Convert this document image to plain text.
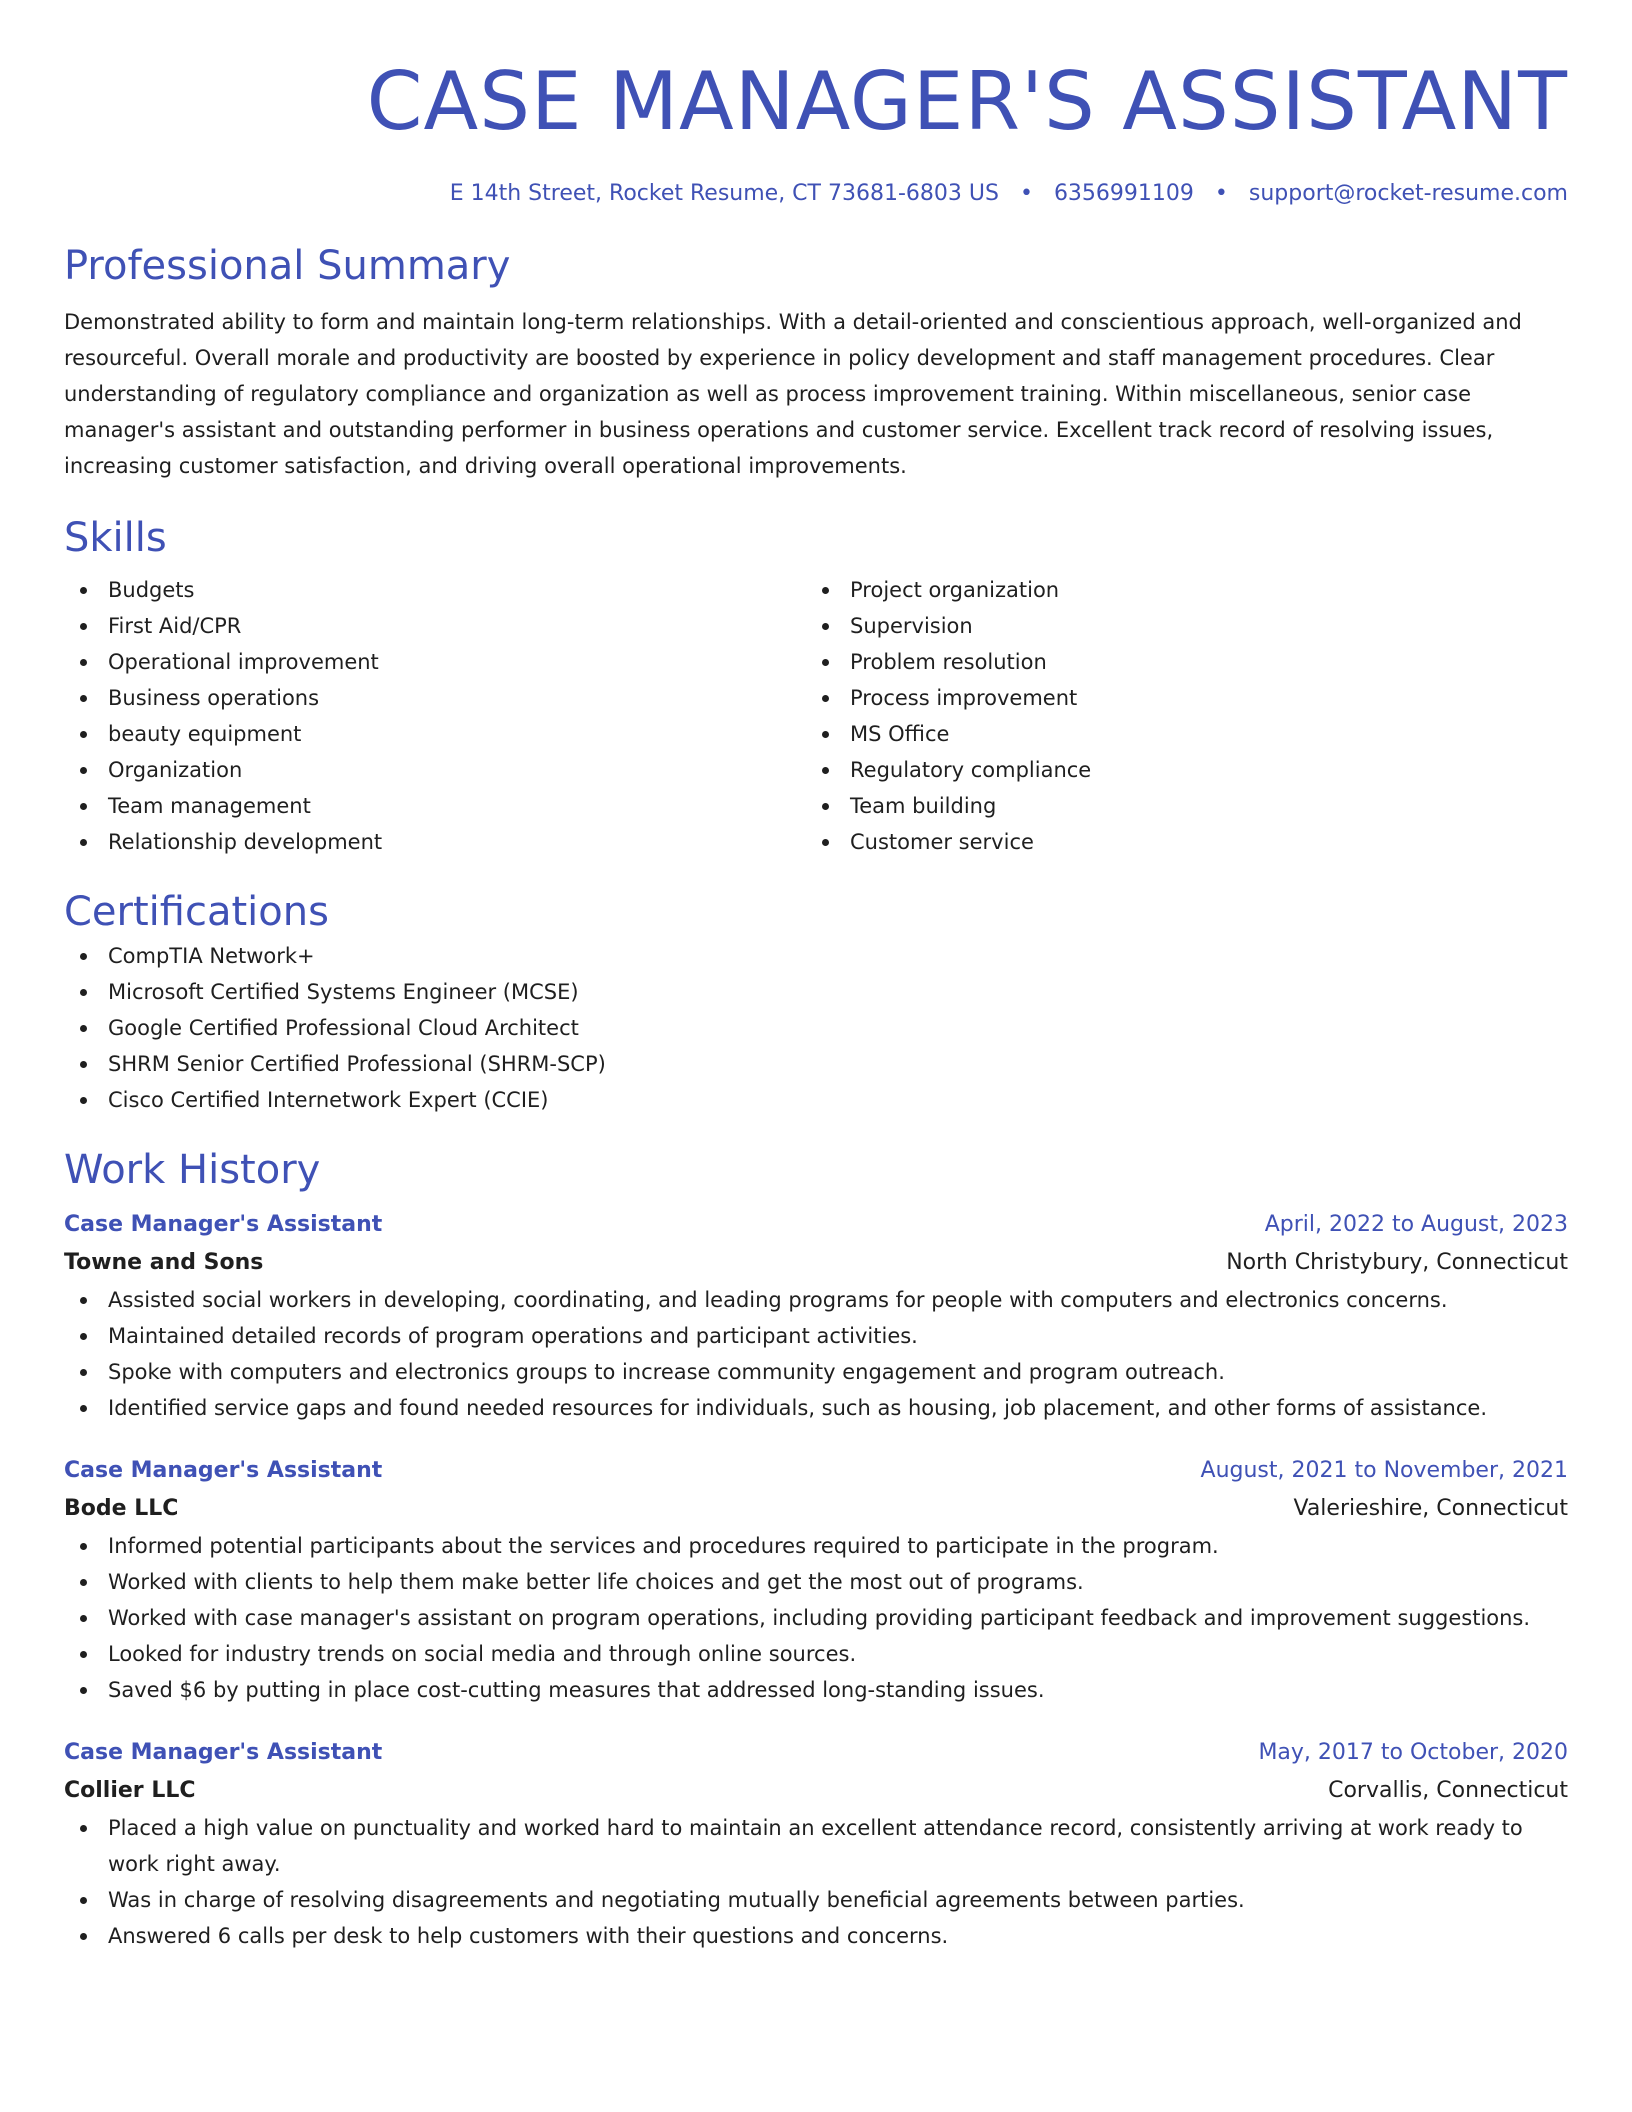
CASE MANAGER'S ASSISTANT
E 14th Street, Rocket Resume, CT 73681-6803 US • 6356991109 • support@rocket-resume.com
Professional Summary

Demonstrated ability to form and maintain long-term relationships. With a detail-oriented and conscientious approach, well-organized and resourceful. Overall morale and productivity are boosted by experience in policy development and staff management procedures. Clear understanding of regulatory compliance and organization as well as process improvement training. Within miscellaneous, senior case manager's assistant and outstanding performer in business operations and customer service. Excellent track record of resolving issues, increasing customer satisfaction, and driving overall operational improvements.

Skills
Budgets
First Aid/CPR
Operational improvement
Business operations
beauty equipment
Organization
Team management
Relationship development
Project organization
Supervision
Problem resolution
Process improvement
MS Office
Regulatory compliance
Team building
Customer service
Certifications
CompTIA Network+
Microsoft Certified Systems Engineer (MCSE)
Google Certified Professional Cloud Architect
SHRM Senior Certified Professional (SHRM-SCP)
Cisco Certified Internetwork Expert (CCIE)
Work History
Case Manager's Assistant	April, 2022 to August, 2023
Towne and Sons	North Christybury, Connecticut
Assisted social workers in developing, coordinating, and leading programs for people with computers and electronics concerns.
Maintained detailed records of program operations and participant activities.
Spoke with computers and electronics groups to increase community engagement and program outreach.
Identified service gaps and found needed resources for individuals, such as housing, job placement, and other forms of assistance.
Case Manager's Assistant	August, 2021 to November, 2021
Bode LLC	Valerieshire, Connecticut
Informed potential participants about the services and procedures required to participate in the program.
Worked with clients to help them make better life choices and get the most out of programs.
Worked with case manager's assistant on program operations, including providing participant feedback and improvement suggestions.
Looked for industry trends on social media and through online sources.
Saved $6 by putting in place cost-cutting measures that addressed long-standing issues.
Case Manager's Assistant	May, 2017 to October, 2020
Collier LLC	Corvallis, Connecticut
Placed a high value on punctuality and worked hard to maintain an excellent attendance record, consistently arriving at work ready to work right away.
Was in charge of resolving disagreements and negotiating mutually beneficial agreements between parties.
Answered 6 calls per desk to help customers with their questions and concerns.
